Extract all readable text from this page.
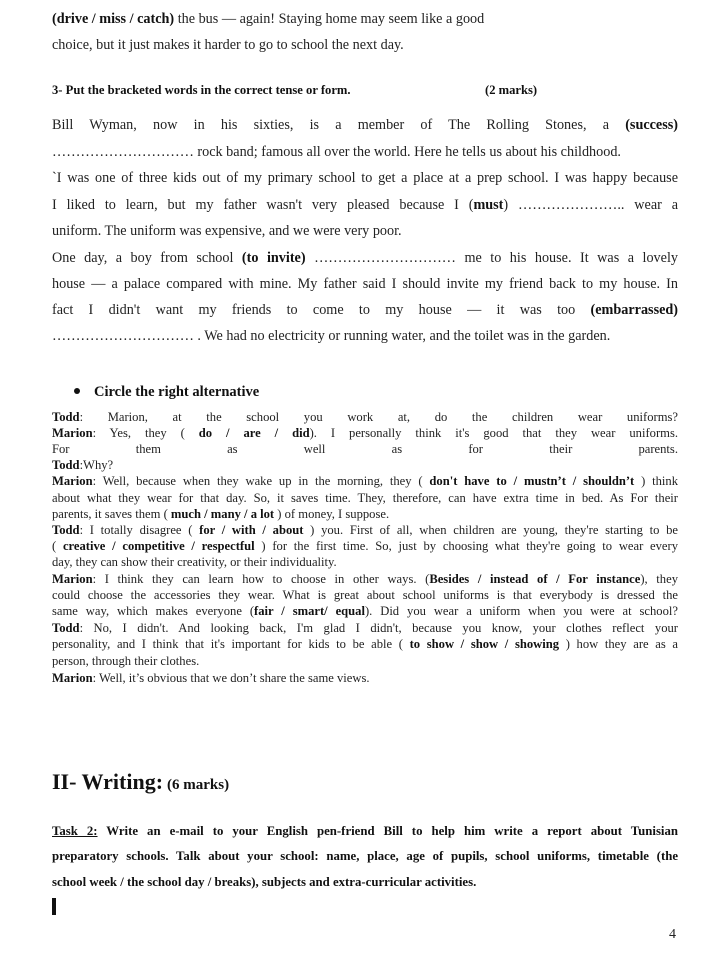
(drive / miss / catch) the bus — again! Staying home may seem like a good
choice, but it just makes it harder to go to school the next day.
3- Put the bracketed words in the correct tense or form.	(2 marks)
Bill Wyman, now in his sixties, is a member of The Rolling Stones, a (success)
………………………… rock band; famous all over the world. Here he tells us about his childhood.
`I was one of three kids out of my primary school to get a place at a prep school. I was happy because
I liked to learn, but my father wasn't very pleased because I (must) ………………….. wear a
uniform. The uniform was expensive, and we were very poor.
One day, a boy from school (to invite) ………………………… me to his house. It was a lovely
house — a palace compared with mine. My father said I should invite my friend back to my house. In
fact I didn't want my friends to come to my house — it was too (embarrassed)
………………………… . We had no electricity or running water, and the toilet was in the garden.
Circle the right alternative
Todd: Marion, at the school you work at, do the children wear uniforms?
Marion: Yes, they ( do / are / did). I personally think it's good that they wear uniforms.
For them as well as for their parents.
Todd:Why?
Marion: Well, because when they wake up in the morning, they ( don't have to / mustn’t / shouldn’t ) think
about what they wear for that day. So, it saves time. They, therefore, can have extra time in bed. As For their
parents, it saves them ( much / many / a lot ) of money, I suppose.
Todd: I totally disagree ( for / with / about ) you. First of all, when children are young, they're starting to be
( creative / competitive / respectful ) for the first time. So, just by choosing what they're going to wear every
day, they can show their creativity, or their individuality.
Marion: I think they can learn how to choose in other ways. (Besides / instead of / For instance), they
could choose the accessories they wear. What is great about school uniforms is that everybody is dressed the
same way, which makes everyone (fair / smart/ equal). Did you wear a uniform when you were at school?
Todd: No, I didn't. And looking back, I'm glad I didn't, because you know, your clothes reflect your
personality, and I think that it's important for kids to be able ( to show / show / showing ) how they are as a
person, through their clothes.
Marion: Well, it’s obvious that we don’t share the same views.
II- Writing: (6 marks)
Task 2: Write an e-mail to your English pen-friend Bill to help him write a report about Tunisian
preparatory schools. Talk about your school: name, place, age of pupils, school uniforms, timetable (the
school week / the school day / breaks), subjects and extra-curricular activities.
4
